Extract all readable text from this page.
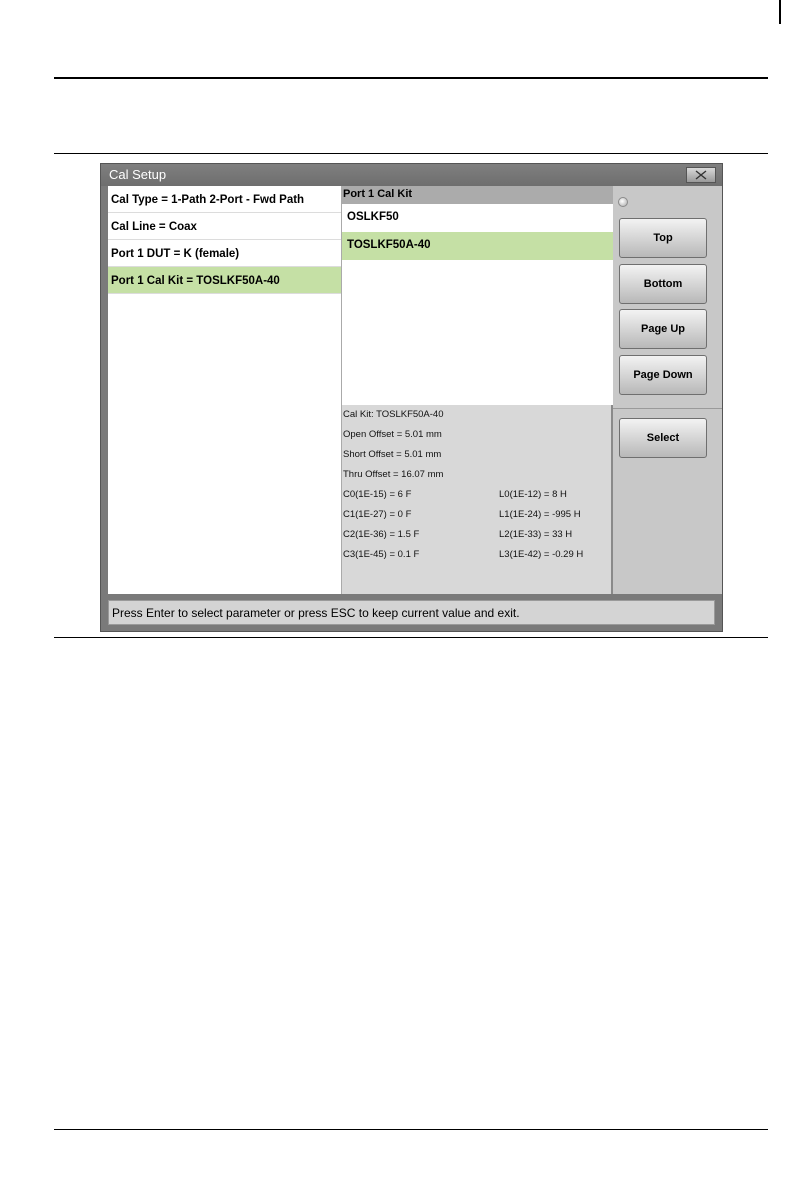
Cal Setup
Cal Type = 1-Path 2-Port - Fwd Path
Cal Line = Coax
Port 1 DUT = K (female)
Port 1 Cal Kit = TOSLKF50A-40
Port 1 Cal Kit
OSLKF50
TOSLKF50A-40
Cal Kit: TOSLKF50A-40
Open Offset = 5.01 mm
Short Offset = 5.01 mm
Thru Offset = 16.07 mm
C0(1E-15) = 6 F	L0(1E-12) = 8 H
C1(1E-27) = 0 F	L1(1E-24) = -995 H
C2(1E-36) = 1.5 F	L2(1E-33) = 33 H
C3(1E-45) = 0.1 F	L3(1E-42) = -0.29 H
Top
Bottom
Page Up
Page Down
Select
Press Enter to select parameter or press ESC to keep current value and exit.
